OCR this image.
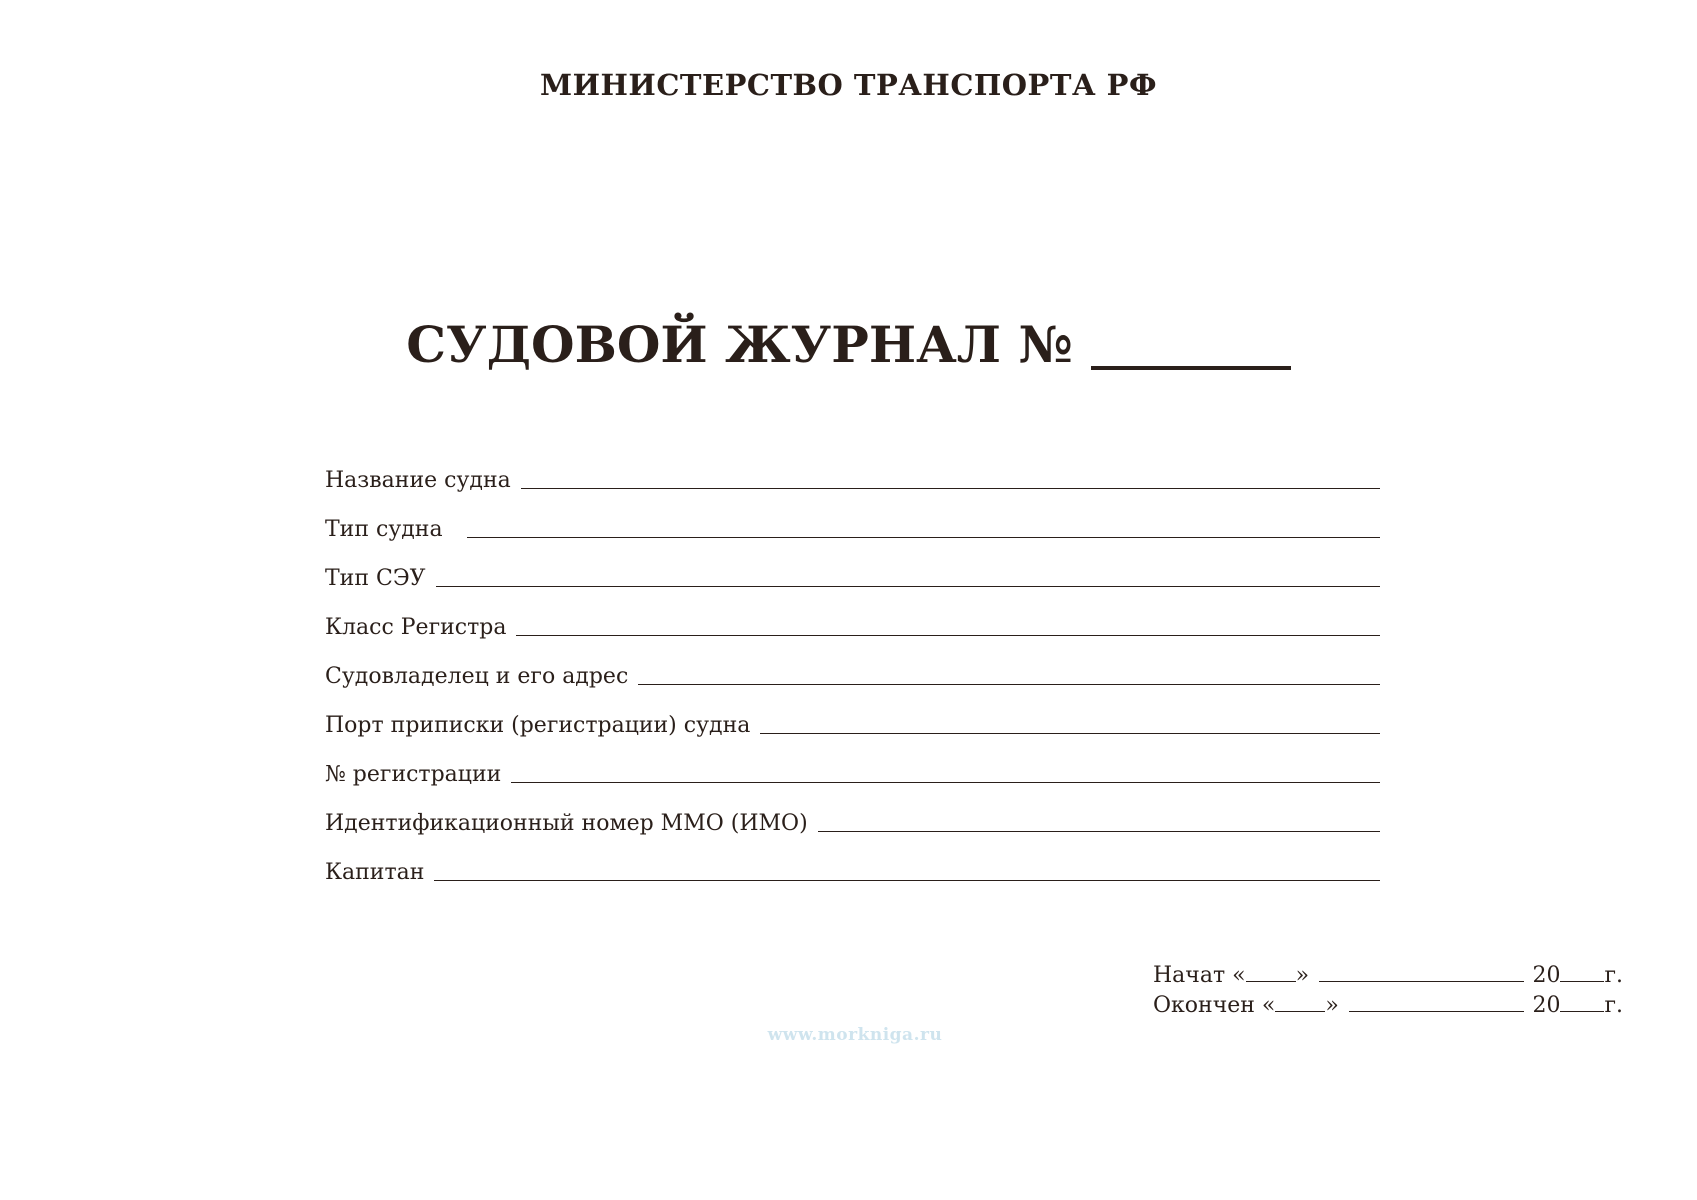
МИНИСТЕРСТВО ТРАНСПОРТА РФ
СУДОВОЙ ЖУРНАЛ №
Название судна
Тип судна
Тип СЭУ
Класс Регистра
Судовладелец и его адрес
Порт приписки (регистрации) судна
№ регистрации
Идентификационный номер ММО (ИМО)
Капитан
Начат « »	20 г.
Окончен « »	20 г.
www.morkniga.ru
